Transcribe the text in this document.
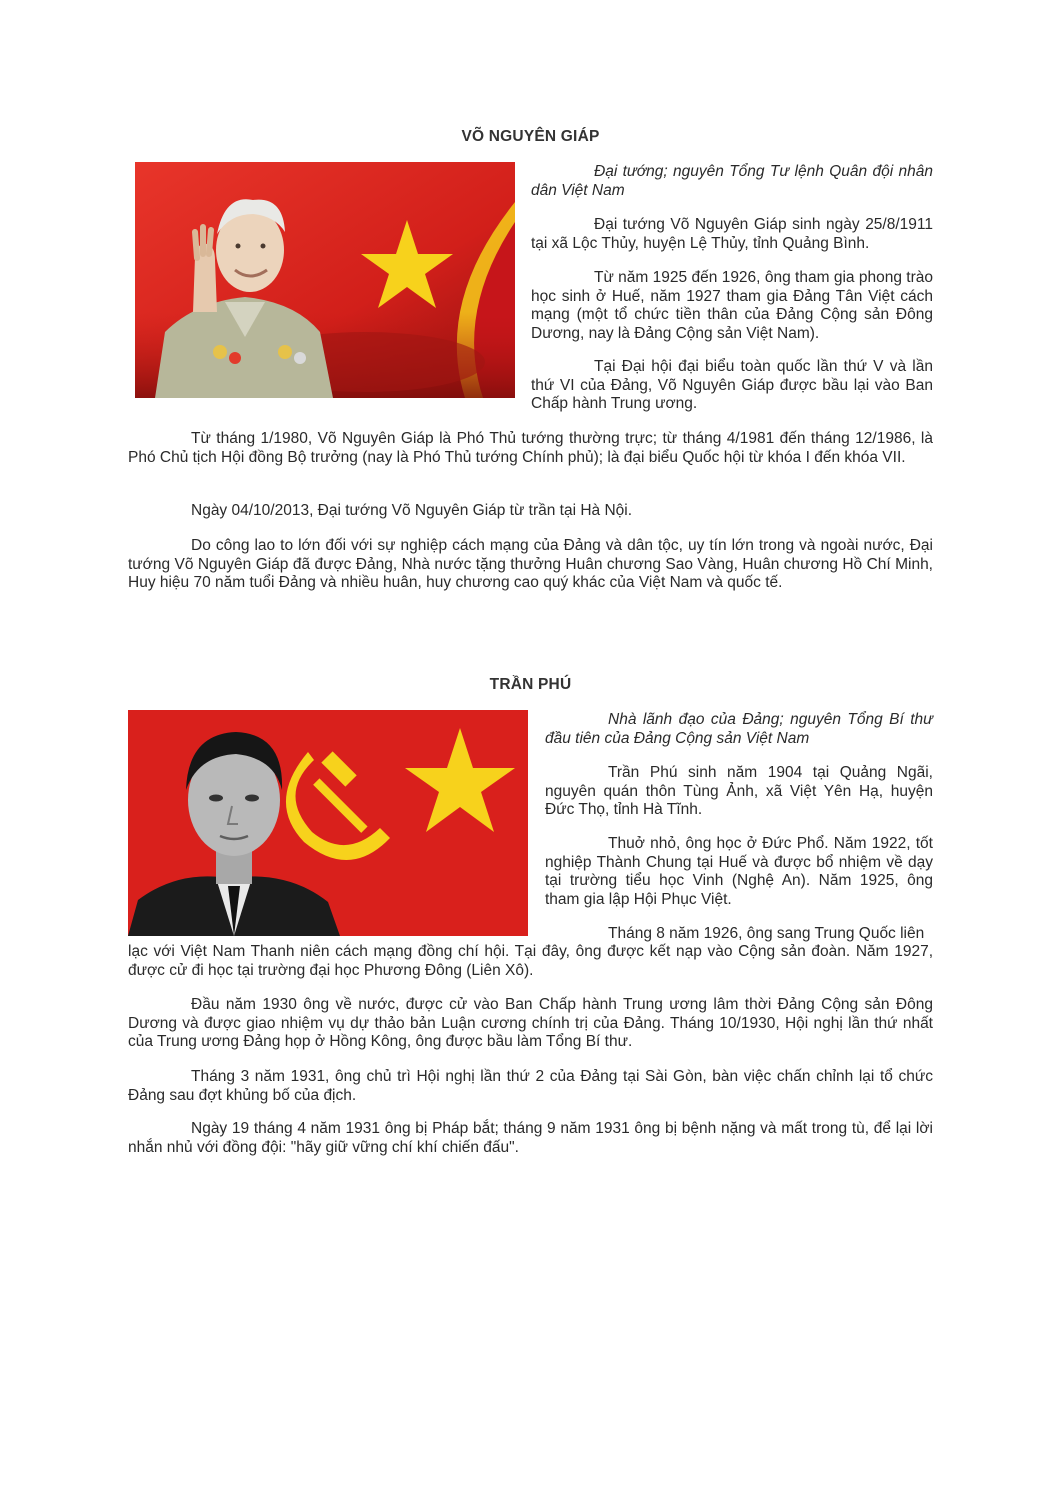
VÕ NGUYÊN GIÁP

Đại tướng; nguyên Tổng Tư lệnh Quân đội nhân dân Việt Nam

Đại tướng Võ Nguyên Giáp sinh ngày 25/8/1911 tại xã Lộc Thủy, huyện Lệ Thủy, tỉnh Quảng Bình.

Từ năm 1925 đến 1926, ông tham gia phong trào học sinh ở Huế, năm 1927 tham gia Đảng Tân Việt cách mạng (một tổ chức tiền thân của Đảng Cộng sản Đông Dương, nay là Đảng Cộng sản Việt Nam).

Tại Đại hội đại biểu toàn quốc lần thứ V và lần thứ VI của Đảng, Võ Nguyên Giáp được bầu lại vào Ban Chấp hành Trung ương.

Từ tháng 1/1980, Võ Nguyên Giáp là Phó Thủ tướng thường trực; từ tháng 4/1981 đến tháng 12/1986, là Phó Chủ tịch Hội đồng Bộ trưởng (nay là Phó Thủ tướng Chính phủ); là đại biểu Quốc hội từ khóa I đến khóa VII.

Ngày 04/10/2013, Đại tướng Võ Nguyên Giáp từ trần tại Hà Nội.

Do công lao to lớn đối với sự nghiệp cách mạng của Đảng và dân tộc, uy tín lớn trong và ngoài nước, Đại tướng Võ Nguyên Giáp đã được Đảng, Nhà nước tặng thưởng Huân chương Sao Vàng, Huân chương Hồ Chí Minh, Huy hiệu 70 năm tuổi Đảng và nhiều huân, huy chương cao quý khác của Việt Nam và quốc tế.

TRẦN PHÚ

Nhà lãnh đạo của Đảng; nguyên Tổng Bí thư đầu tiên của Đảng Cộng sản Việt Nam

Trần Phú sinh năm 1904 tại Quảng Ngãi, nguyên quán thôn Tùng Ảnh, xã Việt Yên Hạ, huyện Đức Thọ, tỉnh Hà Tĩnh.

Thuở nhỏ, ông học ở Đức Phổ. Năm 1922, tốt nghiệp Thành Chung tại Huế và được bổ nhiệm về dạy tại trường tiểu học Vinh (Nghệ An). Năm 1925, ông tham gia lập Hội Phục Việt.

Tháng 8 năm 1926, ông sang Trung Quốc liên

lạc với Việt Nam Thanh niên cách mạng đồng chí hội. Tại đây, ông được kết nạp vào Cộng sản đoàn. Năm 1927, được cử đi học tại trường đại học Phương Đông (Liên Xô).

Đầu năm 1930 ông về nước, được cử vào Ban Chấp hành Trung ương lâm thời Đảng Cộng sản Đông Dương và được giao nhiệm vụ dự thảo bản Luận cương chính trị của Đảng. Tháng 10/1930, Hội nghị lần thứ nhất của Trung ương Đảng họp ở Hồng Kông, ông được bầu làm Tổng Bí thư.

Tháng 3 năm 1931, ông chủ trì Hội nghị lần thứ 2 của Đảng tại Sài Gòn, bàn việc chấn chỉnh lại tổ chức Đảng sau đợt khủng bố của địch.

Ngày 19 tháng 4 năm 1931 ông bị Pháp bắt; tháng 9 năm 1931 ông bị bệnh nặng và mất trong tù, để lại lời nhắn nhủ với đồng đội: "hãy giữ vững chí khí chiến đấu".
